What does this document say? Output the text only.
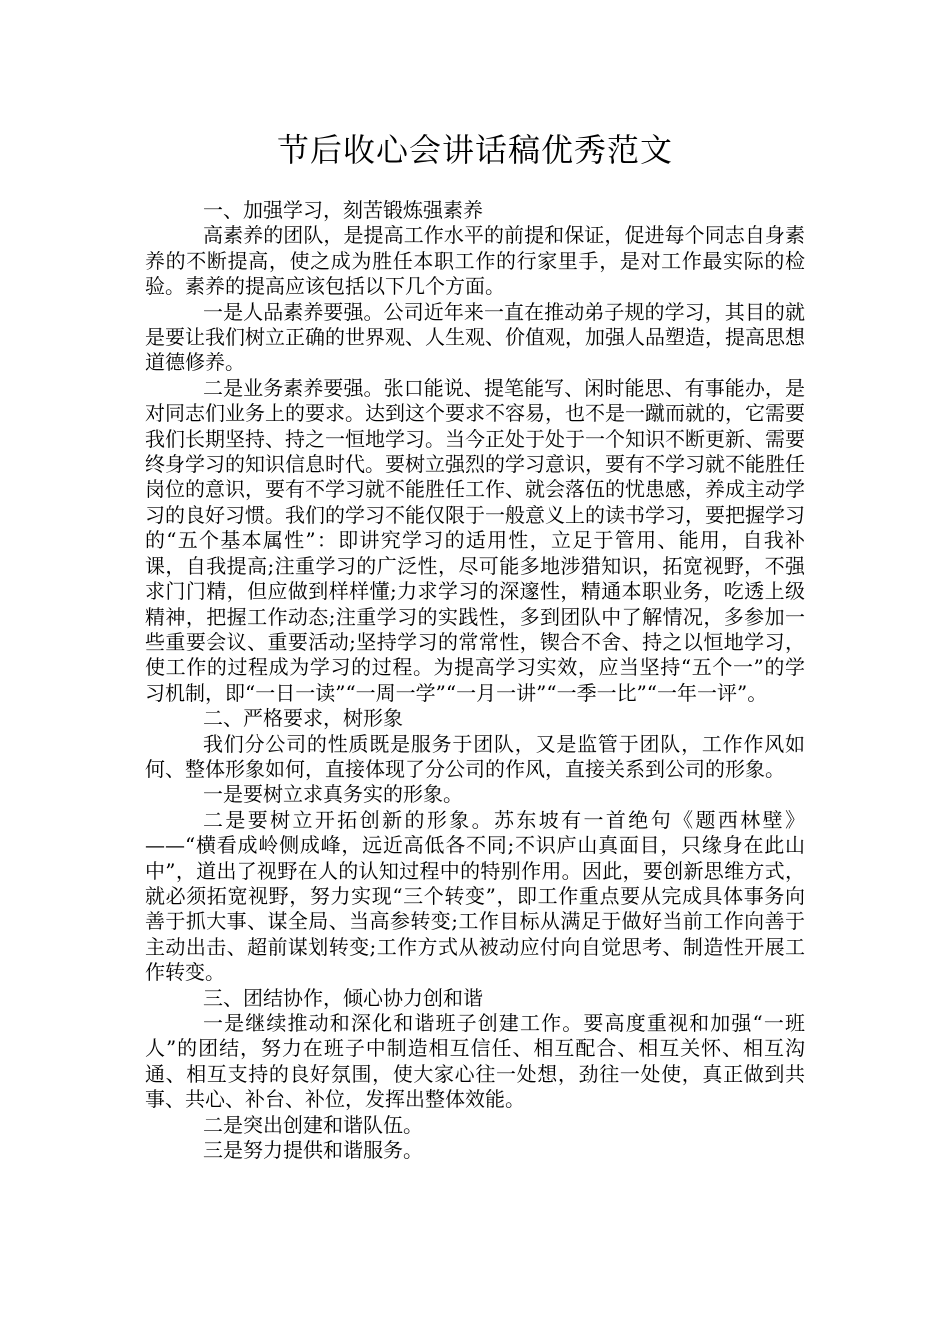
节后收心会讲话稿优秀范文

一、加强学习，刻苦锻炼强素养

高素养的团队，是提高工作水平的前提和保证，促进每个同志自身素养的不断提高，使之成为胜任本职工作的行家里手，是对工作最实际的检验。素养的提高应该包括以下几个方面。

一是人品素养要强。公司近年来一直在推动弟子规的学习，其目的就是要让我们树立正确的世界观、人生观、价值观，加强人品塑造，提高思想道德修养。

二是业务素养要强。张口能说、提笔能写、闲时能思、有事能办，是对同志们业务上的要求。达到这个要求不容易，也不是一蹴而就的，它需要我们长期坚持、持之一恒地学习。当今正处于处于一个知识不断更新、需要终身学习的知识信息时代。要树立强烈的学习意识，要有不学习就不能胜任岗位的意识，要有不学习就不能胜任工作、就会落伍的忧患感，养成主动学习的良好习惯。我们的学习不能仅限于一般意义上的读书学习，要把握学习的“五个基本属性”：即讲究学习的适用性，立足于管用、能用，自我补课，自我提高;注重学习的广泛性，尽可能多地涉猎知识，拓宽视野，不强求门门精，但应做到样样懂;力求学习的深邃性，精通本职业务，吃透上级精神，把握工作动态;注重学习的实践性，多到团队中了解情况，多参加一些重要会议、重要活动;坚持学习的常常性，锲合不舍、持之以恒地学习，使工作的过程成为学习的过程。为提高学习实效，应当坚持“五个一”的学习机制，即“一日一读”“一周一学”“一月一讲”“一季一比”“一年一评”。

二、严格要求，树形象

我们分公司的性质既是服务于团队，又是监管于团队，工作作风如何、整体形象如何，直接体现了分公司的作风，直接关系到公司的形象。

一是要树立求真务实的形象。

二是要树立开拓创新的形象。苏东坡有一首绝句《题西林壁》——“横看成岭侧成峰，远近高低各不同;不识庐山真面目，只缘身在此山中”，道出了视野在人的认知过程中的特别作用。因此，要创新思维方式，就必须拓宽视野，努力实现“三个转变”，即工作重点要从完成具体事务向善于抓大事、谋全局、当高参转变;工作目标从满足于做好当前工作向善于主动出击、超前谋划转变;工作方式从被动应付向自觉思考、制造性开展工作转变。

三、团结协作，倾心协力创和谐

一是继续推动和深化和谐班子创建工作。要高度重视和加强“一班人”的团结，努力在班子中制造相互信任、相互配合、相互关怀、相互沟通、相互支持的良好氛围，使大家心往一处想，劲往一处使，真正做到共事、共心、补台、补位，发挥出整体效能。

二是突出创建和谐队伍。

三是努力提供和谐服务。
